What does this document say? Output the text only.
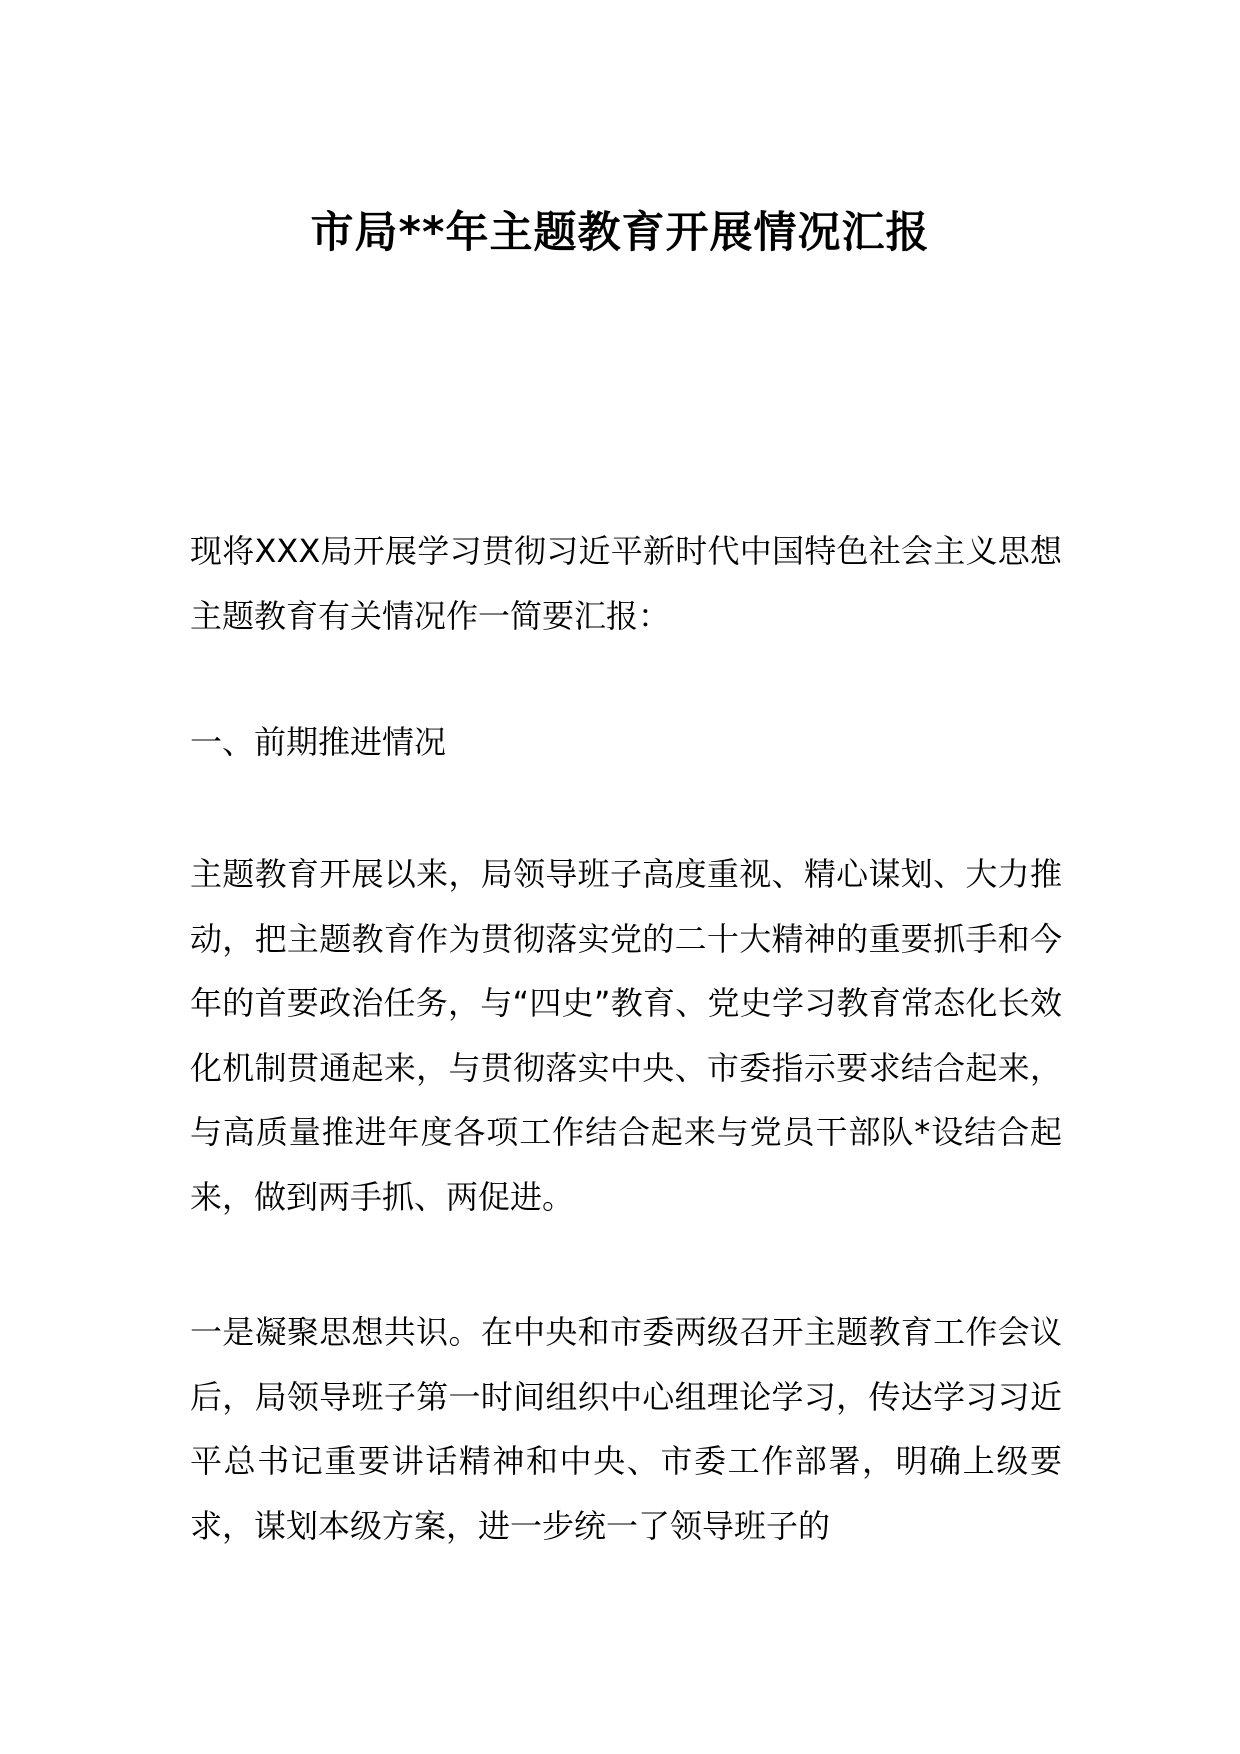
市局**年主题教育开展情况汇报

现将XXX局开展学习贯彻习近平新时代中国特色社会主义思想主题教育有关情况作一简要汇报：

一、前期推进情况

主题教育开展以来，局领导班子高度重视、精心谋划、大力推动，把主题教育作为贯彻落实党的二十大精神的重要抓手和今年的首要政治任务，与“四史”教育、党史学习教育常态化长效化机制贯通起来，与贯彻落实中央、市委指示要求结合起来，与高质量推进年度各项工作结合起来与党员干部队*设结合起来，做到两手抓、两促进。

一是凝聚思想共识。在中央和市委两级召开主题教育工作会议后，局领导班子第一时间组织中心组理论学习，传达学习习近平总书记重要讲话精神和中央、市委工作部署，明确上级要求，谋划本级方案，进一步统一了领导班子的
